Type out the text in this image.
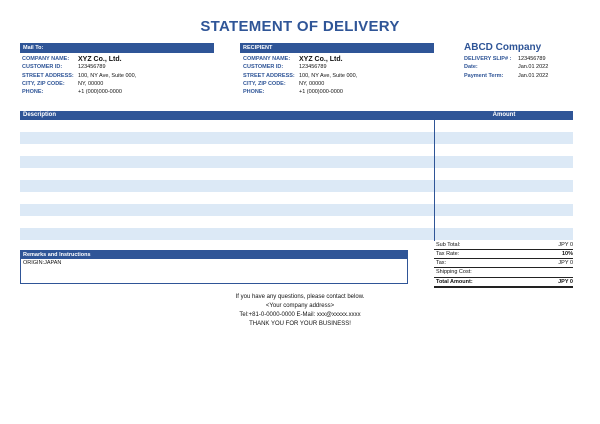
STATEMENT OF DELIVERY
Mail To:
COMPANY NAME: XYZ Co., Ltd.
CUSTOMER ID:	123456789
STREET ADDRESS: 100, NY Ave, Suite 000,
CITY, ZIP CODE: NY, 00000
PHONE:	+1 (000)000-0000
RECIPIENT
COMPANY NAME: XYZ Co., Ltd.
CUSTOMER ID:	123456789
STREET ADDRESS: 100, NY Ave, Suite 000,
CITY, ZIP CODE: NY, 00000
PHONE:	+1 (000)000-0000
ABCD Company
DELIVERY SLIP# : 123456789
Date:	Jan.01 2022
Payment Term:	Jan.01 2022
Description	Amount
Sub Total:	JPY 0
Tax Rate:	10%
Tax:	JPY 0
Shipping Cost:
Total Amount:	JPY 0
Remarks and Instructions
ORIGIN:JAPAN
If you have any questions, please contact below.
<Your company address>
Tel:+81-0-0000-0000 E-Mail: xxx@xxxxx.xxxx
THANK YOU FOR YOUR BUSINESS!
